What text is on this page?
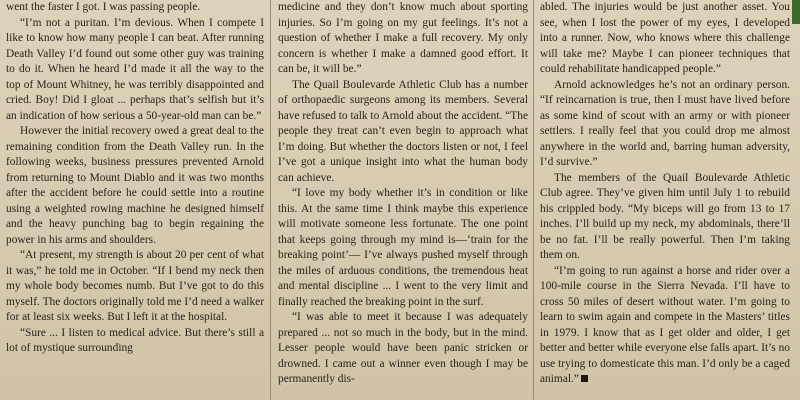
went the faster I got. I was passing people.

“I’m not a puritan. I’m devious. When I compete I like to know how many people I can beat. After running Death Valley I’d found out some other guy was training to do it. When he heard I’d made it all the way to the top of Mount Whitney, he was terribly disappointed and cried. Boy! Did I gloat ... perhaps that’s selfish but it’s an indication of how serious a 50-year-old man can be.”

However the initial recovery owed a great deal to the remaining condition from the Death Valley run. In the following weeks, business pressures prevented Arnold from returning to Mount Diablo and it was two months after the accident before he could settle into a routine using a weighted rowing machine he designed himself and the heavy punching bag to begin regaining the power in his arms and shoulders.

“At present, my strength is about 20 per cent of what it was,” he told me in October. “If I bend my neck then my whole body becomes numb. But I’ve got to do this myself. The doctors originally told me I’d need a walker for at least six weeks. But I left it at the hospital.

“Sure ... I listen to medical advice. But there’s still a lot of mystique surrounding

medicine and they don’t know much about sporting injuries. So I’m going on my gut feelings. It’s not a question of whether I make a full recovery. My only concern is whether I make a damned good effort. It can be, it will be.”

The Quail Boulevarde Athletic Club has a number of orthopaedic surgeons among its members. Several have refused to talk to Arnold about the accident. “The people they treat can’t even begin to approach what I’m doing. But whether the doctors listen or not, I feel I’ve got a unique insight into what the human body can achieve.

“I love my body whether it’s in condition or like this. At the same time I think maybe this experience will motivate someone less fortunate. The one point that keeps going through my mind is—‘train for the breaking point’— I’ve always pushed myself through the miles of arduous conditions, the tremendous heat and mental discipline ... I went to the very limit and finally reached the breaking point in the surf.

“I was able to meet it because I was adequately prepared ... not so much in the body, but in the mind. Lesser people would have been panic stricken or drowned. I came out a winner even though I may be permanently dis-

abled. The injuries would be just another asset. You see, when I lost the power of my eyes, I developed into a runner. Now, who knows where this challenge will take me? Maybe I can pioneer techniques that could rehabilitate handicapped people.”

Arnold acknowledges he’s not an ordinary person. “If reincarnation is true, then I must have lived before as some kind of scout with an army or with pioneer settlers. I really feel that you could drop me almost anywhere in the world and, barring human adversity, I’d survive.”

The members of the Quail Boulevarde Athletic Club agree. They’ve given him until July 1 to rebuild his crippled body. “My biceps will go from 13 to 17 inches. I’ll build up my neck, my abdominals, there’ll be no fat. I’ll be really powerful. Then I’m taking them on.

“I’m going to run against a horse and rider over a 100-mile course in the Sierra Nevada. I’ll have to cross 50 miles of desert without water. I’m going to learn to swim again and compete in the Masters’ titles in 1979. I know that as I get older and older, I get better and better while everyone else falls apart. It’s no use trying to domesticate this man. I’d only be a caged animal.”
